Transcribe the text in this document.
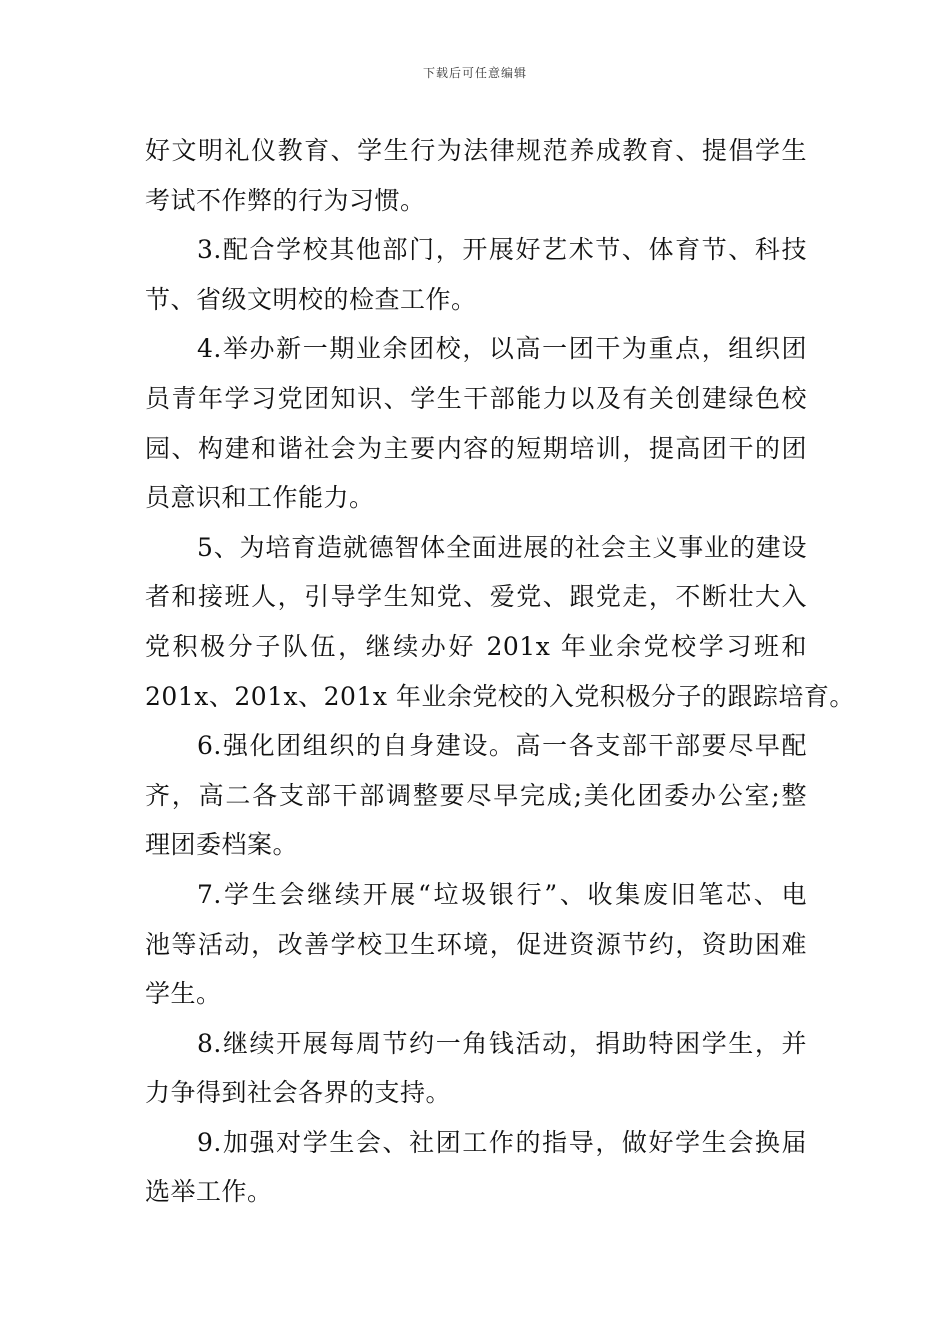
下载后可任意编辑
好文明礼仪教育、学生行为法律规范养成教育、提倡学生
考试不作弊的行为习惯。
3.配合学校其他部门，开展好艺术节、体育节、科技
节、省级文明校的检查工作。
4.举办新一期业余团校，以高一团干为重点，组织团
员青年学习党团知识、学生干部能力以及有关创建绿色校
园、构建和谐社会为主要内容的短期培训，提高团干的团
员意识和工作能力。
5、为培育造就德智体全面进展的社会主义事业的建设
者和接班人，引导学生知党、爱党、跟党走，不断壮大入
党积极分子队伍，继续办好 201x 年业余党校学习班和
201x、201x、201x 年业余党校的入党积极分子的跟踪培育。
6.强化团组织的自身建设。高一各支部干部要尽早配
齐，高二各支部干部调整要尽早完成;美化团委办公室;整
理团委档案。
7.学生会继续开展“垃圾银行”、收集废旧笔芯、电
池等活动，改善学校卫生环境，促进资源节约，资助困难
学生。
8.继续开展每周节约一角钱活动，捐助特困学生，并
力争得到社会各界的支持。
9.加强对学生会、社团工作的指导，做好学生会换届
选举工作。
